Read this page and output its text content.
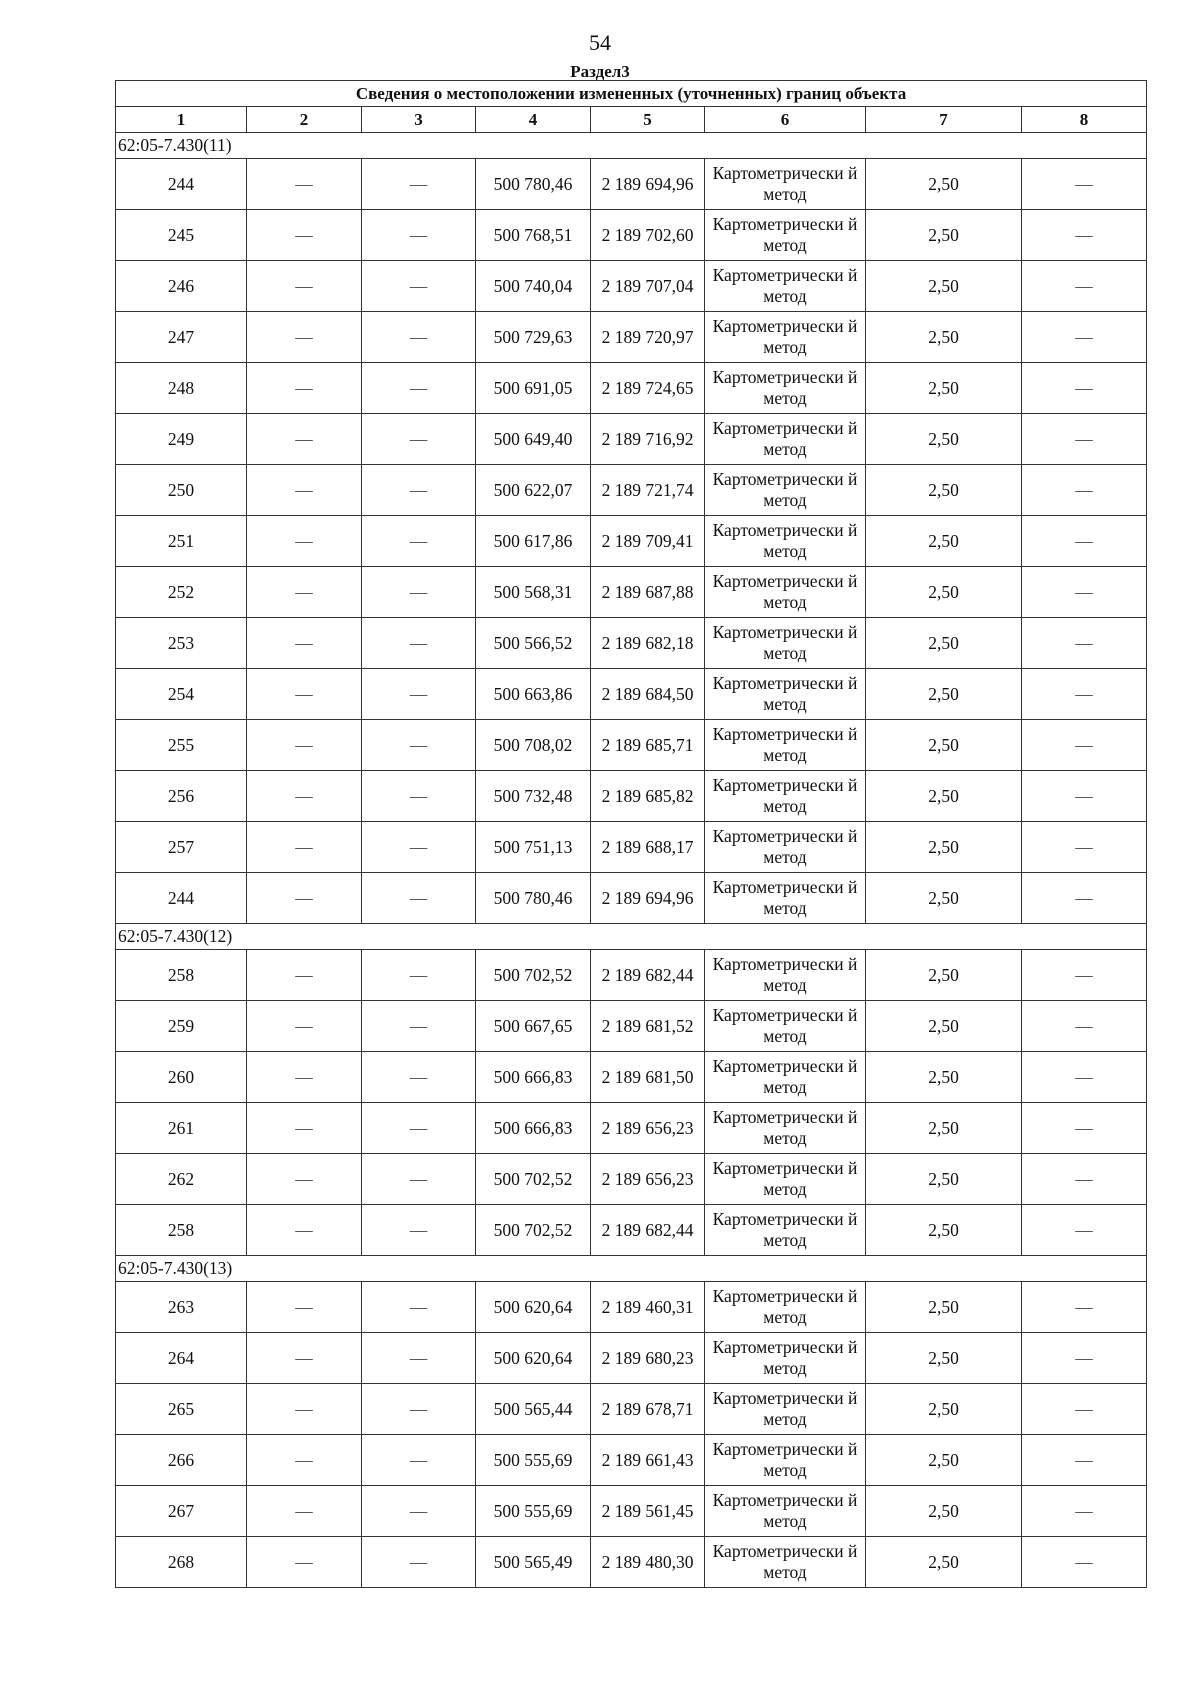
54
Раздел3
Сведения о местоположении измененных (уточненных) границ объекта							
1	2	3	4	5	6	7	8
62:05-7.430(11)							
244	—	—	500 780,46	2 189 694,96	Картометрически й метод	2,50	—
245	—	—	500 768,51	2 189 702,60	Картометрически й метод	2,50	—
246	—	—	500 740,04	2 189 707,04	Картометрически й метод	2,50	—
247	—	—	500 729,63	2 189 720,97	Картометрически й метод	2,50	—
248	—	—	500 691,05	2 189 724,65	Картометрически й метод	2,50	—
249	—	—	500 649,40	2 189 716,92	Картометрически й метод	2,50	—
250	—	—	500 622,07	2 189 721,74	Картометрически й метод	2,50	—
251	—	—	500 617,86	2 189 709,41	Картометрически й метод	2,50	—
252	—	—	500 568,31	2 189 687,88	Картометрически й метод	2,50	—
253	—	—	500 566,52	2 189 682,18	Картометрически й метод	2,50	—
254	—	—	500 663,86	2 189 684,50	Картометрически й метод	2,50	—
255	—	—	500 708,02	2 189 685,71	Картометрически й метод	2,50	—
256	—	—	500 732,48	2 189 685,82	Картометрически й метод	2,50	—
257	—	—	500 751,13	2 189 688,17	Картометрически й метод	2,50	—
244	—	—	500 780,46	2 189 694,96	Картометрически й метод	2,50	—
62:05-7.430(12)							
258	—	—	500 702,52	2 189 682,44	Картометрически й метод	2,50	—
259	—	—	500 667,65	2 189 681,52	Картометрически й метод	2,50	—
260	—	—	500 666,83	2 189 681,50	Картометрически й метод	2,50	—
261	—	—	500 666,83	2 189 656,23	Картометрически й метод	2,50	—
262	—	—	500 702,52	2 189 656,23	Картометрически й метод	2,50	—
258	—	—	500 702,52	2 189 682,44	Картометрически й метод	2,50	—
62:05-7.430(13)							
263	—	—	500 620,64	2 189 460,31	Картометрически й метод	2,50	—
264	—	—	500 620,64	2 189 680,23	Картометрически й метод	2,50	—
265	—	—	500 565,44	2 189 678,71	Картометрически й метод	2,50	—
266	—	—	500 555,69	2 189 661,43	Картометрически й метод	2,50	—
267	—	—	500 555,69	2 189 561,45	Картометрически й метод	2,50	—
268	—	—	500 565,49	2 189 480,30	Картометрически й метод	2,50	—
